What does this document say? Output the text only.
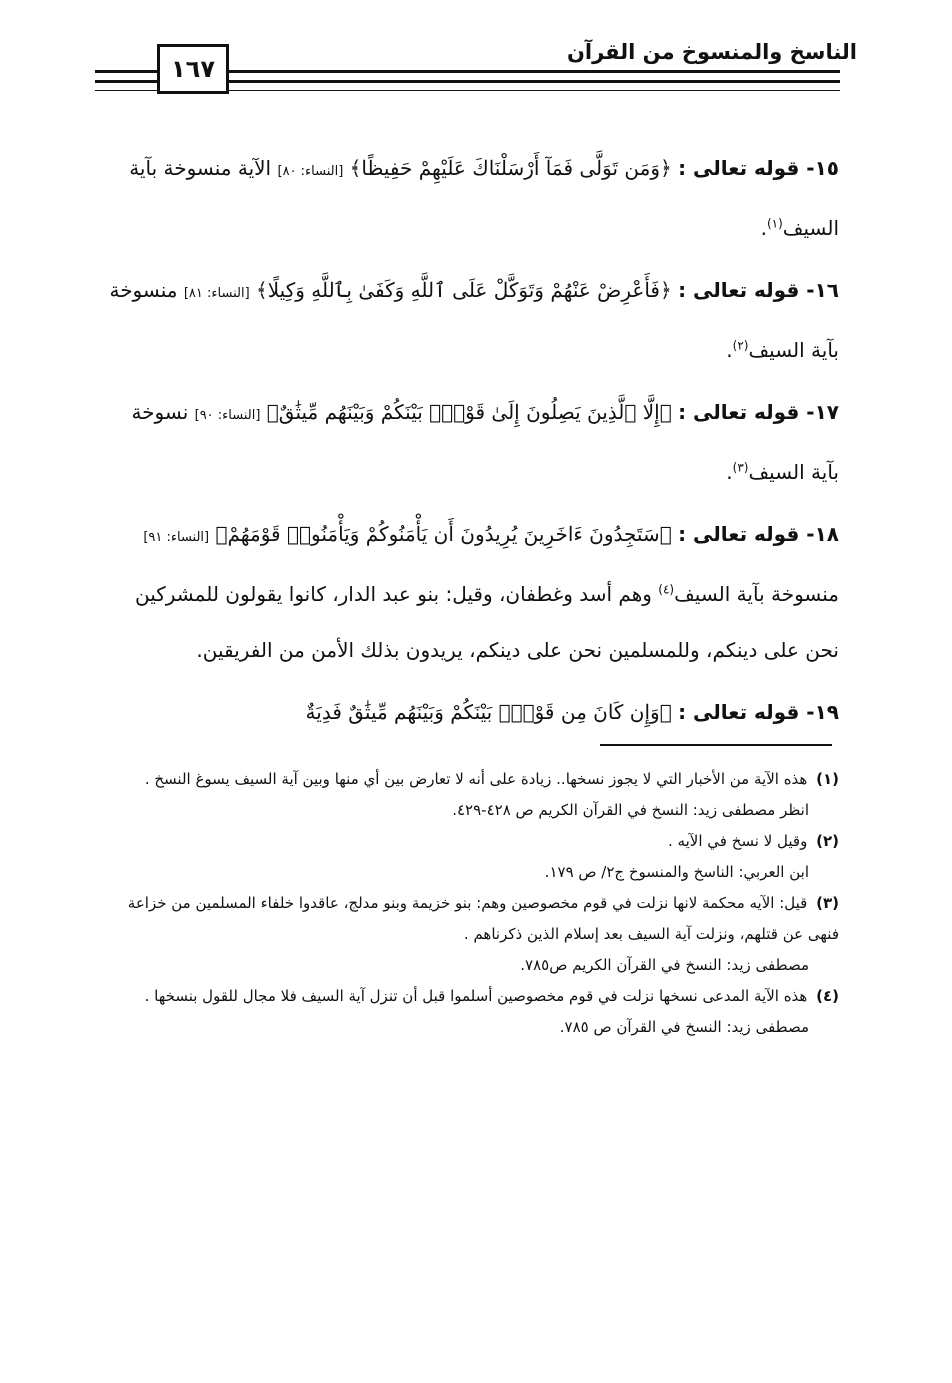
الناسخ والمنسوخ من القرآن
١٦٧

١٥- قوله تعالى : ﴿وَمَن تَوَلَّى فَمَآ أَرْسَلْنَاكَ عَلَيْهِمْ حَفِيظًا﴾ [النساء: ٨٠] الآية منسوخة بآية السيف$^{(١)}$.

١٦- قوله تعالى : ﴿فَأَعْرِضْ عَنْهُمْ وَتَوَكَّلْ عَلَى ٱللَّهِ وَكَفَىٰ بِٱللَّهِ وَكِيلًا﴾ [النساء: ٨١] منسوخة بآية السيف$^{(٢)}$.

١٧- قوله تعالى : ﴿إِلَّا ٱلَّذِينَ يَصِلُونَ إِلَىٰ قَوْمٍۭ بَيْنَكُمْ وَبَيْنَهُم مِّيثَٰقٌ﴾ [النساء: ٩٠] نسوخة بآية السيف$^{(٣)}$.

١٨- قوله تعالى : ﴿سَتَجِدُونَ ءَاخَرِينَ يُرِيدُونَ أَن يَأْمَنُوكُمْ وَيَأْمَنُوا۟ قَوْمَهُمْ﴾ [النساء: ٩١] منسوخة بآية السيف$^{(٤)}$ وهم أسد وغطفان، وقيل: بنو عبد الدار، كانوا يقولون للمشركين نحن على دينكم، وللمسلمين نحن على دينكم، يريدون بذلك الأمن من الفريقين.

١٩- قوله تعالى : ﴿وَإِن كَانَ مِن قَوْمٍۭ بَيْنَكُمْ وَبَيْنَهُم مِّيثَٰقٌ فَدِيَةٌ

(١) هذه الآية من الأخبار التي لا يجوز نسخها.. زيادة على أنه لا تعارض بين أي منها وبين آية السيف يسوغ النسخ .

انظر مصطفى زيد: النسخ في القرآن الكريم ص ٤٢٨-٤٢٩.

(٢) وقيل لا نسخ في الآيه .

ابن العربي: الناسخ والمنسوخ ج٢/ ص ١٧٩.

(٣) قيل: الآيه محكمة لانها نزلت في قوم مخصوصين وهم: بنو خزيمة وبنو مدلج، عاقدوا خلفاء المسلمين من خزاعة فنهى عن قتلهم، ونزلت آية السيف بعد إسلام الذين ذكرناهم .

مصطفى زيد: النسخ في القرآن الكريم ص٧٨٥.

(٤) هذه الآية المدعى نسخها نزلت في قوم مخصوصين أسلموا قبل أن تنزل آية السيف فلا مجال للقول بنسخها .

مصطفى زيد: النسخ في القرآن ص ٧٨٥.
